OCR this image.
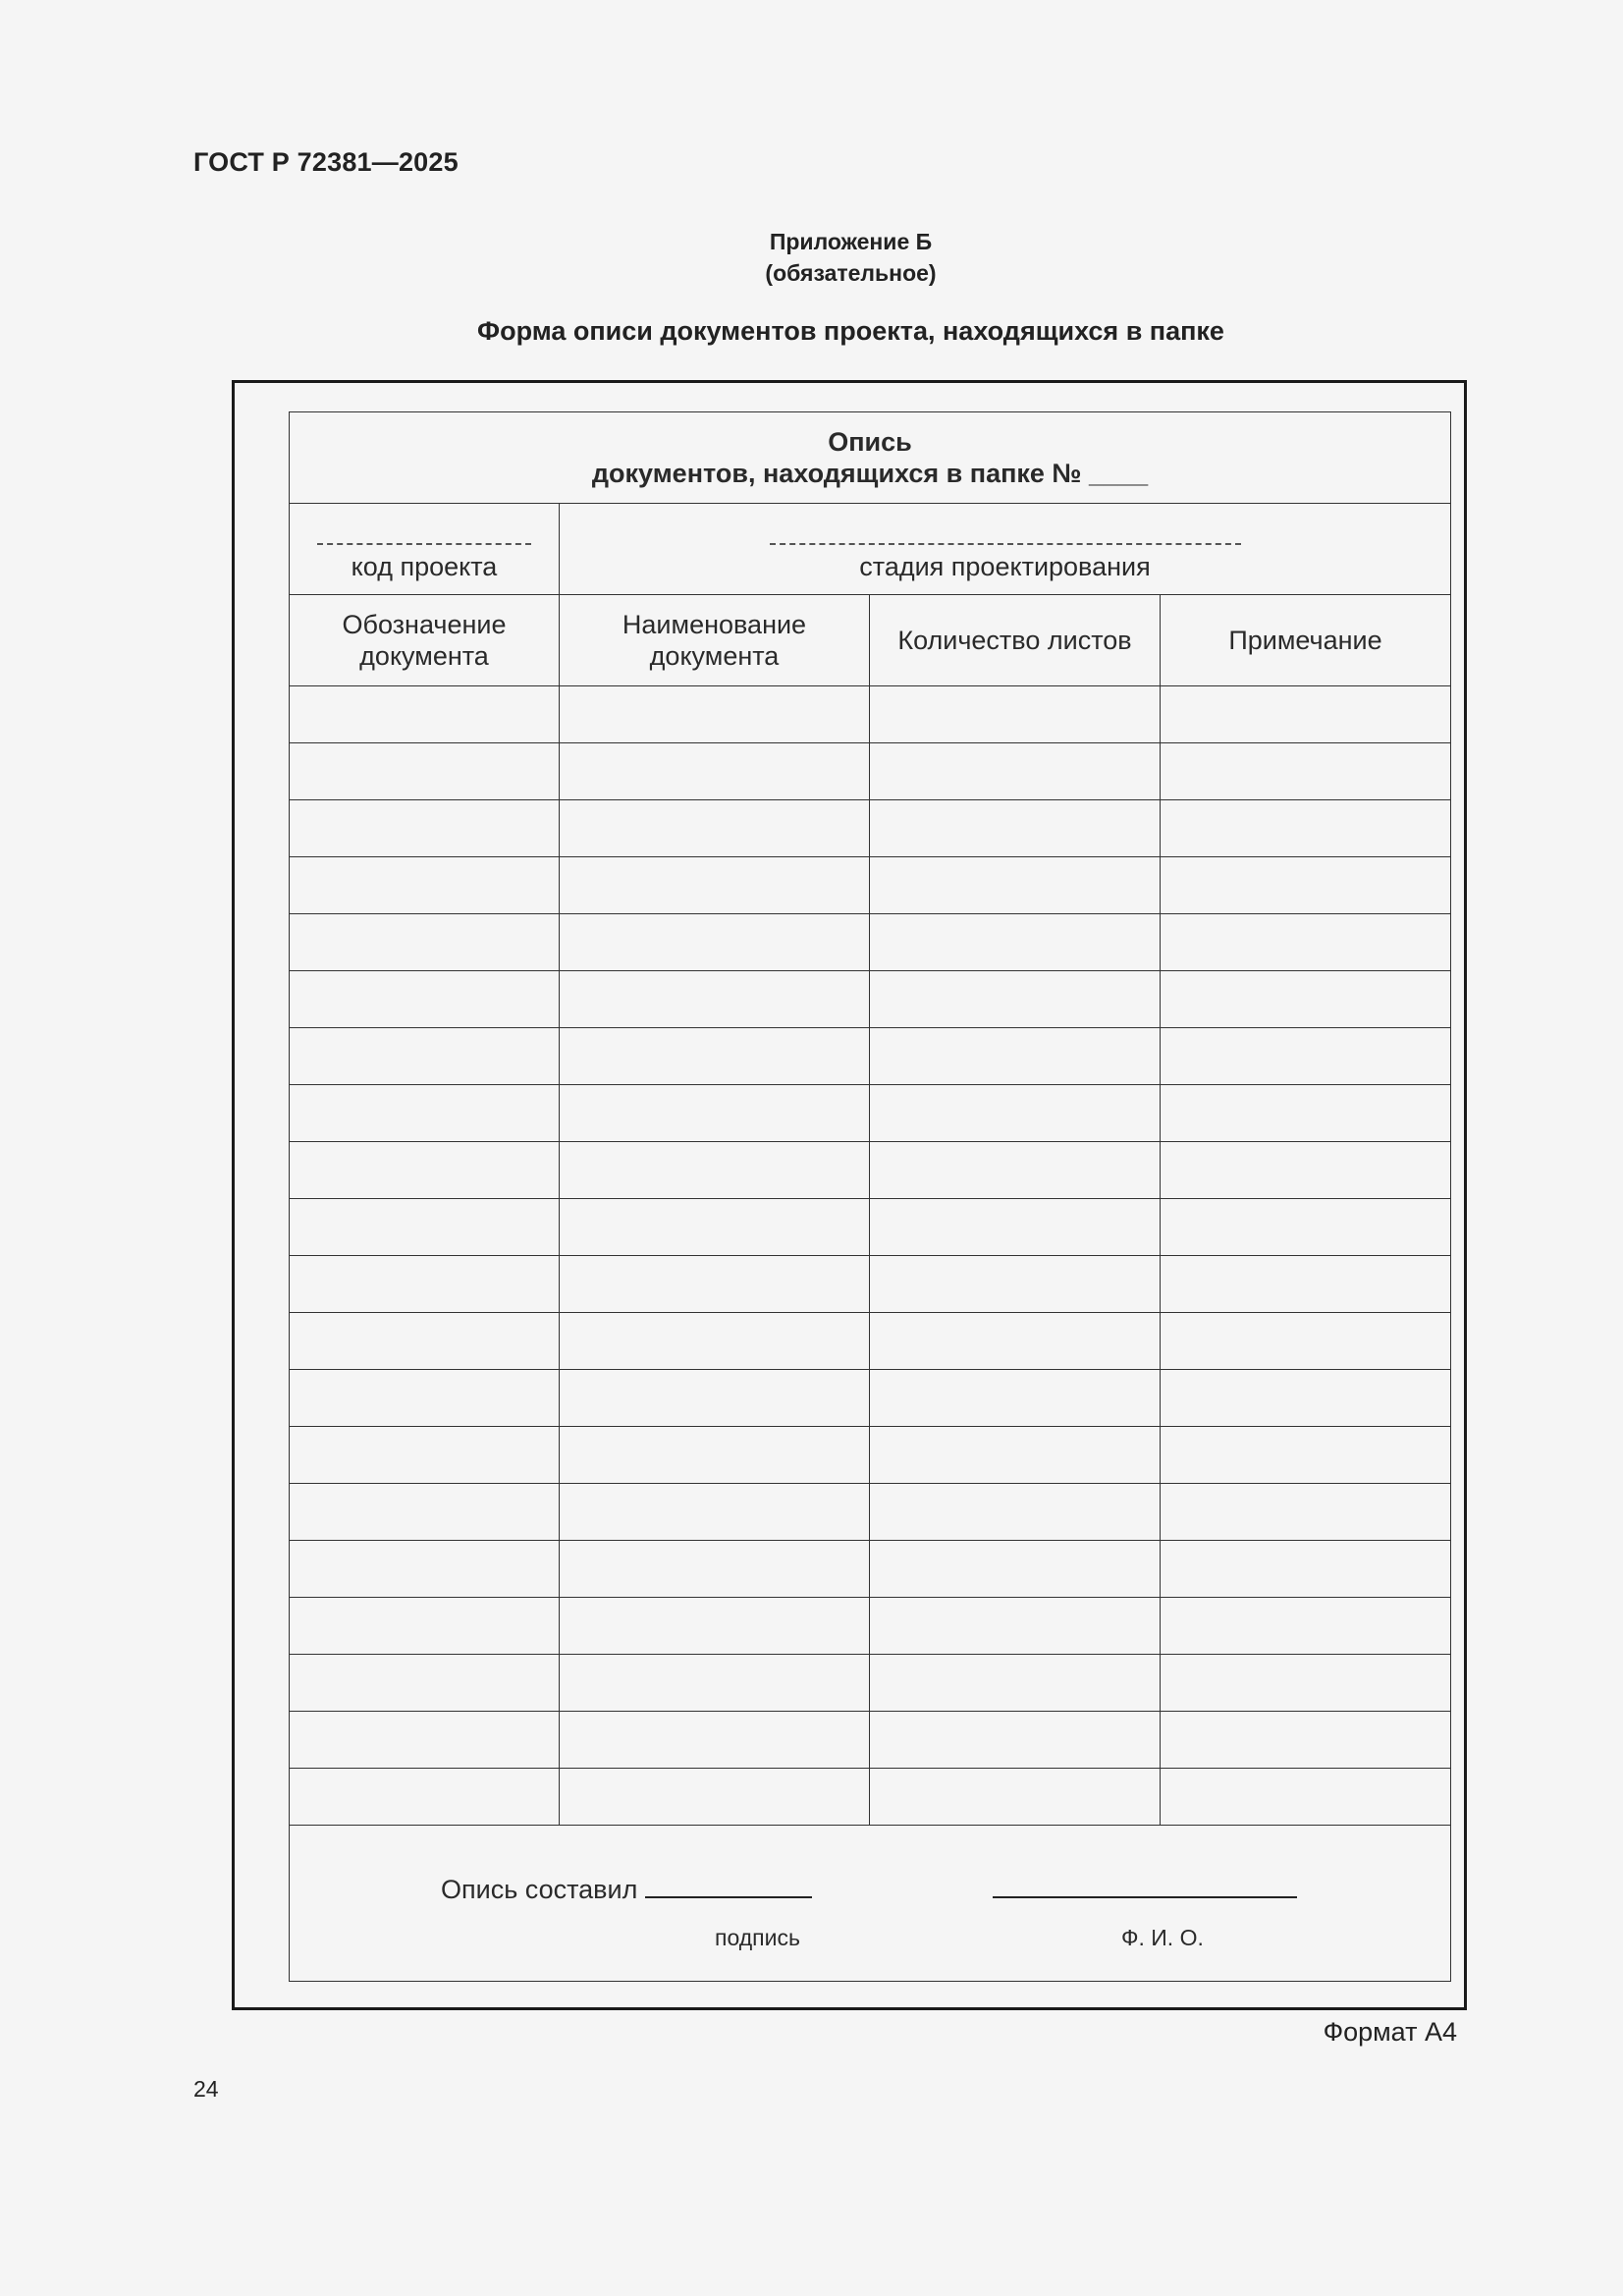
ГОСТ Р 72381—2025
Приложение Б
(обязательное)
Форма описи документов проекта, находящихся в папке
Опись
документов, находящихся в папке № ____			

код проекта	стадия проектирования		

Обозначение документа	Наименование документа	Количество листов	Примечание

Опись составил
подпись Ф. И. О.			
Формат А4
24
